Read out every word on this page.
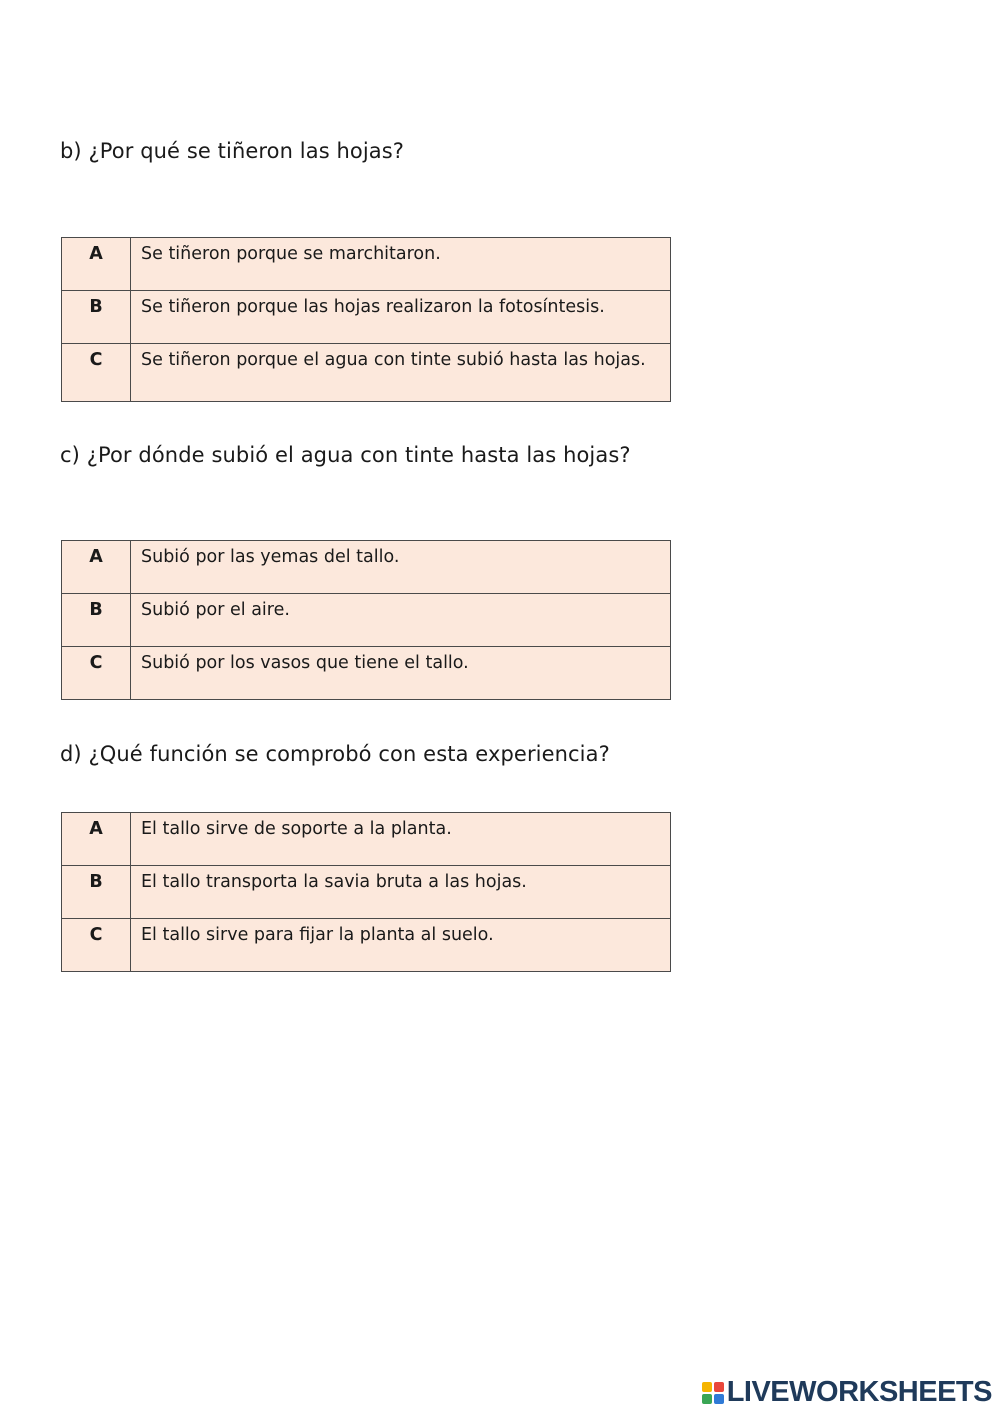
b) ¿Por qué se tiñeron las hojas?
A	Se tiñeron porque se marchitaron.
B	Se tiñeron porque las hojas realizaron la fotosíntesis.
C	Se tiñeron porque el agua con tinte subió hasta las hojas.
c) ¿Por dónde subió el agua con tinte hasta las hojas?
A	Subió por las yemas del tallo.
B	Subió por el aire.
C	Subió por los vasos que tiene el tallo.
d) ¿Qué función se comprobó con esta experiencia?
A	El tallo sirve de soporte a la planta.
B	El tallo transporta la savia bruta a las hojas.
C	El tallo sirve para fijar la planta al suelo.
LIVEWORKSHEETS
